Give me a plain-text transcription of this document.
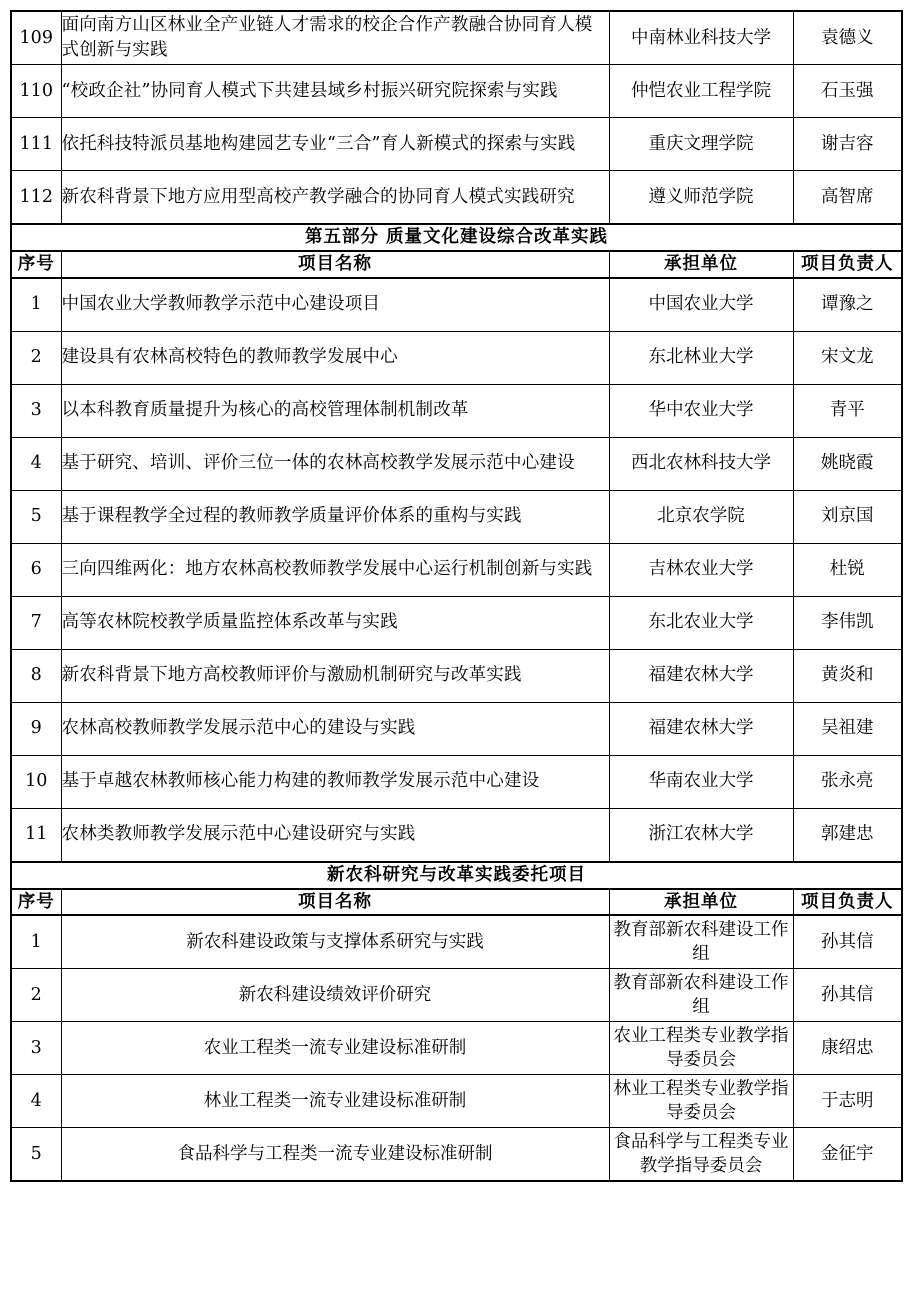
109	面向南方山区林业全产业链人才需求的校企合作产教融合协同育人模式创新与实践	中南林业科技大学	袁德义
110	“校政企社”协同育人模式下共建县域乡村振兴研究院探索与实践	仲恺农业工程学院	石玉强
111	依托科技特派员基地构建园艺专业“三合”育人新模式的探索与实践	重庆文理学院	谢吉容
112	新农科背景下地方应用型高校产教学融合的协同育人模式实践研究	遵义师范学院	高智席
第五部分 质量文化建设综合改革实践			
序号	项目名称	承担单位	项目负责人
1	中国农业大学教师教学示范中心建设项目	中国农业大学	谭豫之
2	建设具有农林高校特色的教师教学发展中心	东北林业大学	宋文龙
3	以本科教育质量提升为核心的高校管理体制机制改革	华中农业大学	青平
4	基于研究、培训、评价三位一体的农林高校教学发展示范中心建设	西北农林科技大学	姚晓霞
5	基于课程教学全过程的教师教学质量评价体系的重构与实践	北京农学院	刘京国
6	三向四维两化：地方农林高校教师教学发展中心运行机制创新与实践	吉林农业大学	杜锐
7	高等农林院校教学质量监控体系改革与实践	东北农业大学	李伟凯
8	新农科背景下地方高校教师评价与激励机制研究与改革实践	福建农林大学	黄炎和
9	农林高校教师教学发展示范中心的建设与实践	福建农林大学	吴祖建
10	基于卓越农林教师核心能力构建的教师教学发展示范中心建设	华南农业大学	张永亮
11	农林类教师教学发展示范中心建设研究与实践	浙江农林大学	郭建忠
新农科研究与改革实践委托项目			
序号	项目名称	承担单位	项目负责人
1	新农科建设政策与支撑体系研究与实践	教育部新农科建设工作组	孙其信
2	新农科建设绩效评价研究	教育部新农科建设工作组	孙其信
3	农业工程类一流专业建设标准研制	农业工程类专业教学指导委员会	康绍忠
4	林业工程类一流专业建设标准研制	林业工程类专业教学指导委员会	于志明
5	食品科学与工程类一流专业建设标准研制	食品科学与工程类专业教学指导委员会	金征宇
